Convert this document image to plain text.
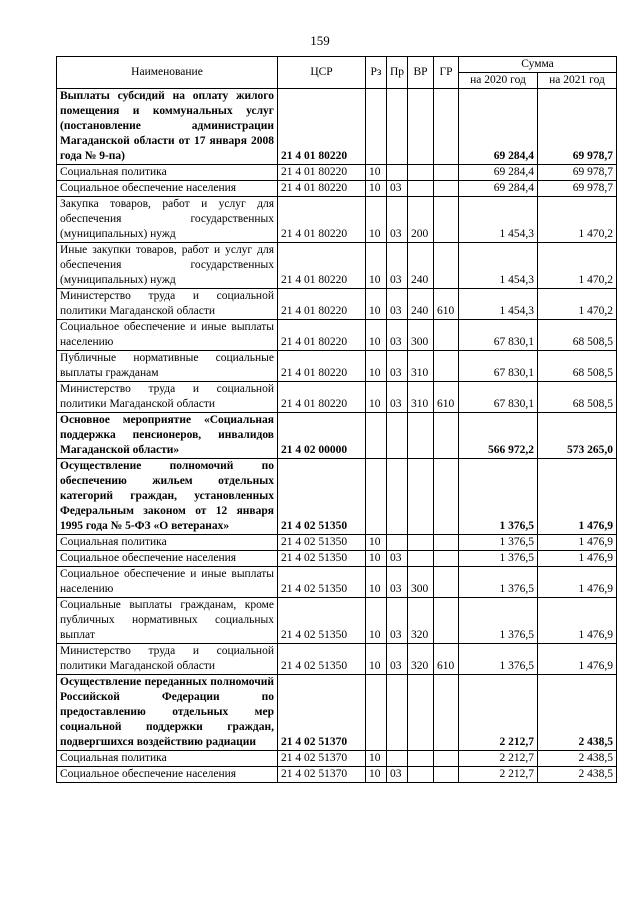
159
Наименование	ЦСР	Рз	Пр	ВР	ГР	Сумма	
						на 2020 год	на 2021 год
Выплаты субсидий на оплату жилого помещения и коммунальных услуг (постановление администрации Магаданской области от 17 января 2008 года № 9-па)	21 4 01 80220					69 284,4	69 978,7
Социальная политика	21 4 01 80220	10				69 284,4	69 978,7
Социальное обеспечение населения	21 4 01 80220	10	03			69 284,4	69 978,7
Закупка товаров, работ и услуг для обеспечения государственных (муниципальных) нужд	21 4 01 80220	10	03	200		1 454,3	1 470,2
Иные закупки товаров, работ и услуг для обеспечения государственных (муниципальных) нужд	21 4 01 80220	10	03	240		1 454,3	1 470,2
Министерство труда и социальной политики Магаданской области	21 4 01 80220	10	03	240	610	1 454,3	1 470,2
Социальное обеспечение и иные выплаты населению	21 4 01 80220	10	03	300		67 830,1	68 508,5
Публичные нормативные социальные выплаты гражданам	21 4 01 80220	10	03	310		67 830,1	68 508,5
Министерство труда и социальной политики Магаданской области	21 4 01 80220	10	03	310	610	67 830,1	68 508,5
Основное мероприятие «Социальная поддержка пенсионеров, инвалидов Магаданской области»	21 4 02 00000					566 972,2	573 265,0
Осуществление полномочий по обеспечению жильем отдельных категорий граждан, установленных Федеральным законом от 12 января 1995 года № 5-ФЗ «О ветеранах»	21 4 02 51350					1 376,5	1 476,9
Социальная политика	21 4 02 51350	10				1 376,5	1 476,9
Социальное обеспечение населения	21 4 02 51350	10	03			1 376,5	1 476,9
Социальное обеспечение и иные выплаты населению	21 4 02 51350	10	03	300		1 376,5	1 476,9
Социальные выплаты гражданам, кроме публичных нормативных социальных выплат	21 4 02 51350	10	03	320		1 376,5	1 476,9
Министерство труда и социальной политики Магаданской области	21 4 02 51350	10	03	320	610	1 376,5	1 476,9
Осуществление переданных полномочий Российской Федерации по предоставлению отдельных мер социальной поддержки граждан, подвергшихся воздействию радиации	21 4 02 51370					2 212,7	2 438,5
Социальная политика	21 4 02 51370	10				2 212,7	2 438,5
Социальное обеспечение населения	21 4 02 51370	10	03			2 212,7	2 438,5
